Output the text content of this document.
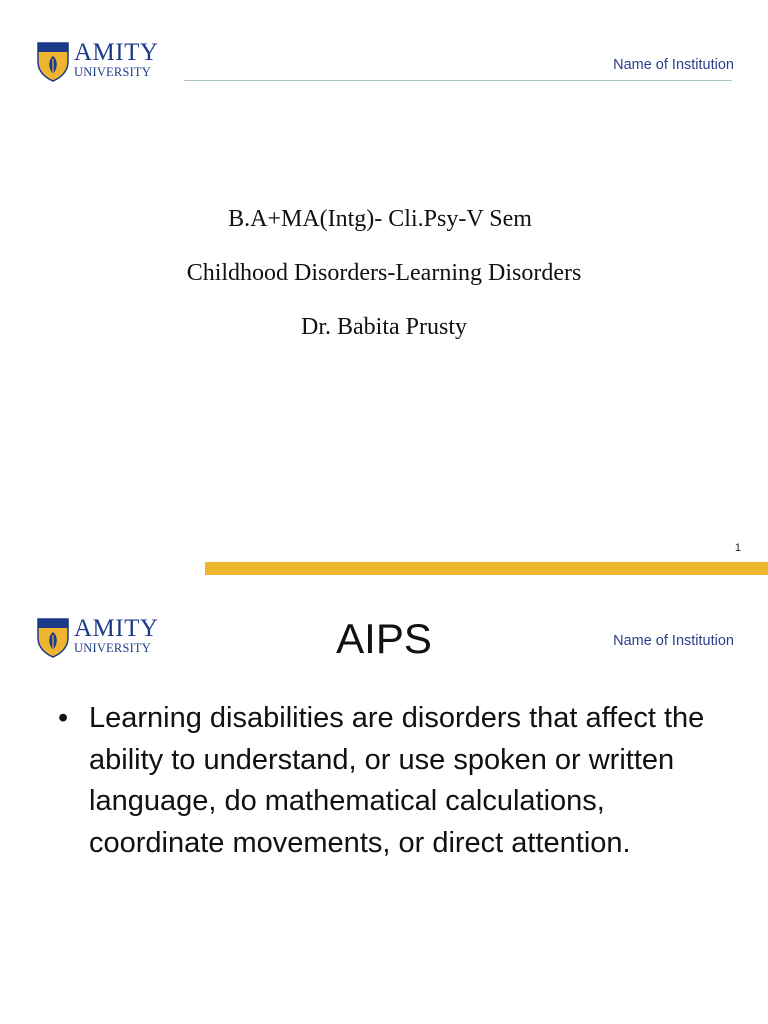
AMITY
UNIVERSITY	Name of Institution
B.A+MA(Intg)- Cli.Psy-V Sem
Childhood Disorders-Learning Disorders
Dr. Babita Prusty
1
AMITY
UNIVERSITY	Name of Institution
AIPS
• Learning disabilities are disorders that affect the ability to understand, or use spoken or written language, do mathematical calculations, coordinate movements, or direct attention.
